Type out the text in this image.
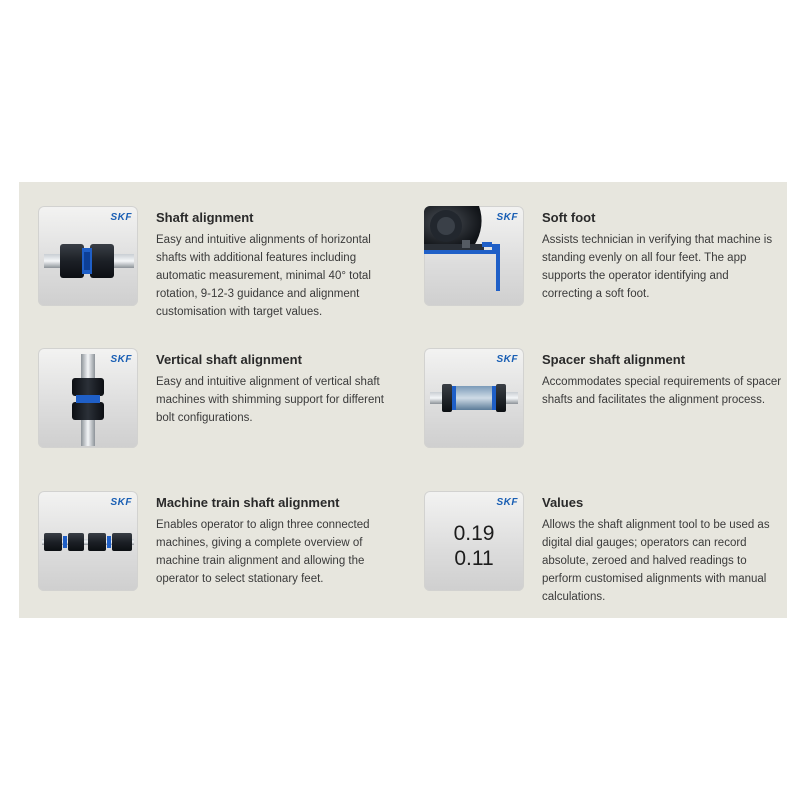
SKF Shaft alignment
Easy and intuitive alignments of horizontal shafts with additional features including automatic measurement, minimal 40° total rotation, 9-12-3 guidance and alignment customisation with target values.
SKF Soft foot
Assists technician in verifying that machine is standing evenly on all four feet. The app supports the operator identifying and correcting a soft foot.
SKF Vertical shaft alignment
Easy and intuitive alignment of vertical shaft machines with shimming support for different bolt configurations.
SKF Spacer shaft alignment
Accommodates special requirements of spacer shafts and facilitates the alignment process.
SKF Machine train shaft alignment
Enables operator to align three connected machines, giving a complete overview of machine train alignment and allowing the operator to select stationary feet.
SKF
0.19
0.11
Values
Allows the shaft alignment tool to be used as digital dial gauges; operators can record absolute, zeroed and halved readings to perform customised alignments with manual calculations.
